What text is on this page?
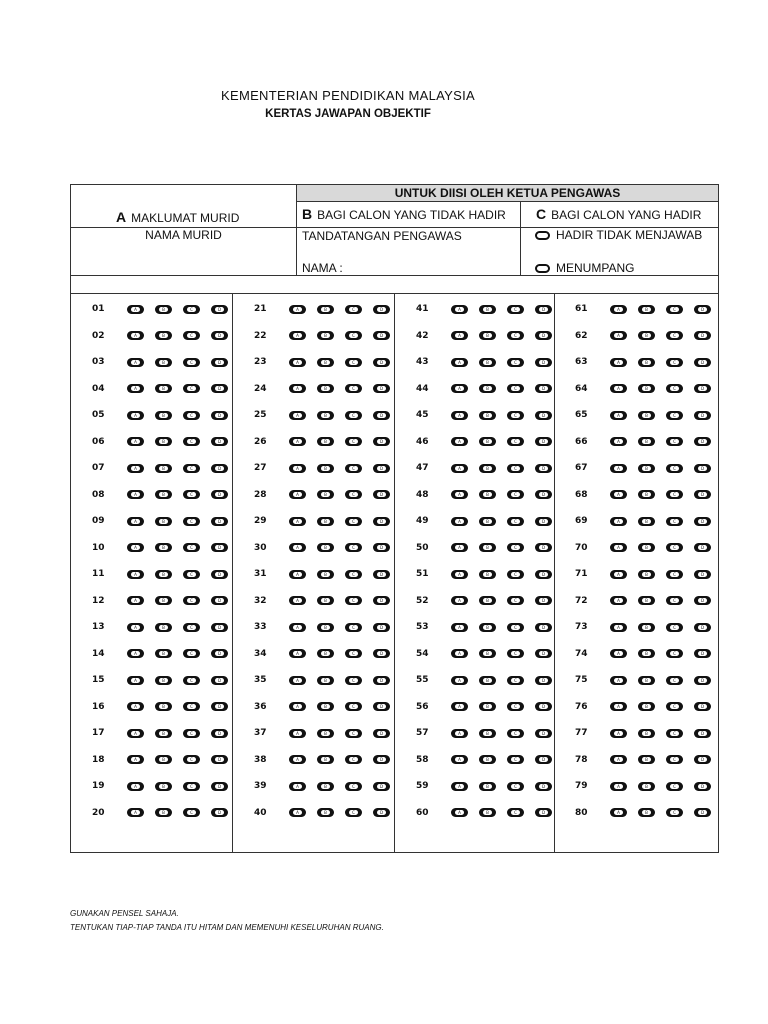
KEMENTERIAN PENDIDIKAN MALAYSIA
KERTAS JAWAPAN OBJEKTIF
UNTUK DIISI OLEH KETUA PENGAWAS
A MAKLUMAT MURID
NAMA MURID
B BAGI CALON YANG TIDAK HADIR
TANDATANGAN PENGAWAS
NAMA :
C BAGI CALON YANG HADIR
HADIR TIDAK MENJAWAB
MENUMPANG
01	A	B	C	D
02	A	B	C	D
03	A	B	C	D
04	A	B	C	D
05	A	B	C	D
06	A	B	C	D
07	A	B	C	D
08	A	B	C	D
09	A	B	C	D
10	A	B	C	D
11	A	B	C	D
12	A	B	C	D
13	A	B	C	D
14	A	B	C	D
15	A	B	C	D
16	A	B	C	D
17	A	B	C	D
18	A	B	C	D
19	A	B	C	D
20	A	B	C	D
21	A	B	C	D
22	A	B	C	D
23	A	B	C	D
24	A	B	C	D
25	A	B	C	D
26	A	B	C	D
27	A	B	C	D
28	A	B	C	D
29	A	B	C	D
30	A	B	C	D
31	A	B	C	D
32	A	B	C	D
33	A	B	C	D
34	A	B	C	D
35	A	B	C	D
36	A	B	C	D
37	A	B	C	D
38	A	B	C	D
39	A	B	C	D
40	A	B	C	D
41	A	B	C	D
42	A	B	C	D
43	A	B	C	D
44	A	B	C	D
45	A	B	C	D
46	A	B	C	D
47	A	B	C	D
48	A	B	C	D
49	A	B	C	D
50	A	B	C	D
51	A	B	C	D
52	A	B	C	D
53	A	B	C	D
54	A	B	C	D
55	A	B	C	D
56	A	B	C	D
57	A	B	C	D
58	A	B	C	D
59	A	B	C	D
60	A	B	C	D
61	A	B	C	D
62	A	B	C	D
63	A	B	C	D
64	A	B	C	D
65	A	B	C	D
66	A	B	C	D
67	A	B	C	D
68	A	B	C	D
69	A	B	C	D
70	A	B	C	D
71	A	B	C	D
72	A	B	C	D
73	A	B	C	D
74	A	B	C	D
75	A	B	C	D
76	A	B	C	D
77	A	B	C	D
78	A	B	C	D
79	A	B	C	D
80	A	B	C	D
GUNAKAN PENSEL SAHAJA.
TENTUKAN TIAP-TIAP TANDA ITU HITAM DAN MEMENUHI KESELURUHAN RUANG.
